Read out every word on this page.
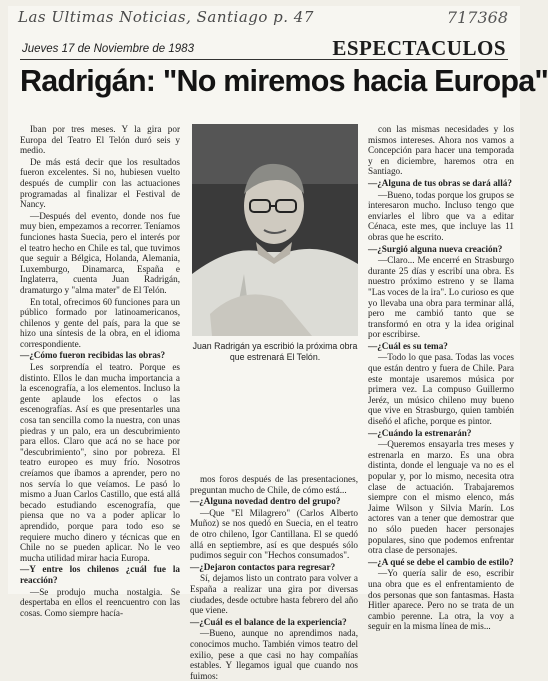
Las Ultimas Noticias, Santiago p. 47	717368
Jueves 17 de Noviembre de 1983	ESPECTACULOS
Radrigán: "No miremos hacia Europa"

Iban por tres meses. Y la gira por Europa del Teatro El Telón duró seis y medio.

De más está decir que los resultados fueron excelentes. Si no, hubiesen vuelto después de cumplir con las actuaciones programadas al finalizar el Festival de Nancy.

—Después del evento, donde nos fue muy bien, empezamos a recorrer. Teníamos funciones hasta Suecia, pero el interés por el teatro hecho en Chile es tal, que tuvimos que seguir a Bélgica, Holanda, Alemania, Luxemburgo, Dinamarca, España e Inglaterra, cuenta Juan Radrigán, dramaturgo y "alma mater" de El Telón.

En total, ofrecimos 60 funciones para un público formado por latinoamericanos, chilenos y gente del país, para la que se hizo una síntesis de la obra, en el idioma correspondiente.

—¿Cómo fueron recibidas las obras?

Les sorprendía el teatro. Porque es distinto. Ellos le dan mucha importancia a la escenografía, a los elementos. Incluso la gente aplaude los efectos o las escenografías. Así es que presentarles una cosa tan sencilla como la nuestra, con unas piedras y un palo, era un descubrimiento para ellos. Claro que acá no se hace por "descubrimiento", sino por pobreza. El teatro europeo es muy frío. Nosotros creíamos que íbamos a aprender, pero no nos servía lo que veíamos. Le pasó lo mismo a Juan Carlos Castillo, que está allá becado estudiando escenografía, que piensa que no va a poder aplicar lo aprendido, porque para todo eso se requiere mucho dinero y técnicas que en Chile no se pueden aplicar. No le veo mucha utilidad mirar hacia Europa.

—Y entre los chilenos ¿cuál fue la reacción?

—Se produjo mucha nostalgia. Se despertaba en ellos el reencuentro con las cosas. Como siempre hacía-

Juan Radrigán ya escribió la próxima obra que estrenará El Telón.

mos foros después de las presentaciones, preguntan mucho de Chile, de cómo está...

—¿Alguna novedad dentro del grupo?

—Que "El Milagrero" (Carlos Alberto Muñoz) se nos quedó en Suecia, en el teatro de otro chileno, Igor Cantillana. El se quedó allá en septiembre, así es que después sólo pudimos seguir con "Hechos consumados".

—¿Dejaron contactos para regresar?

Sí, dejamos listo un contrato para volver a España a realizar una gira por diversas ciudades, desde octubre hasta febrero del año que viene.

—¿Cuál es el balance de la experiencia?

—Bueno, aunque no aprendimos nada, conocimos mucho. También vimos teatro del exilio, pese a que casi no hay compañías estables. Y llegamos igual que cuando nos fuimos:

con las mismas necesidades y los mismos intereses. Ahora nos vamos a Concepción para hacer una temporada y en diciembre, haremos otra en Santiago.

—¿Alguna de tus obras se dará allá?

—Bueno, todas porque los grupos se interesaron mucho. Incluso tengo que enviarles el libro que va a editar Cénaca, este mes, que incluye las 11 obras que he escrito.

—¿Surgió alguna nueva creación?

—Claro... Me encerré en Strasburgo durante 25 días y escribí una obra. Es nuestro próximo estreno y se llama "Las voces de la ira". Lo curioso es que yo llevaba una obra para terminar allá, pero me cambió tanto que se transformó en otra y la idea original por escribirse.

—¿Cuál es su tema?

—Todo lo que pasa. Todas las voces que están dentro y fuera de Chile. Para este montaje usaremos música por primera vez. La compuso Guillermo Jeréz, un músico chileno muy bueno que vive en Strasburgo, quien también diseñó el afiche, porque es pintor.

—¿Cuándo la estrenarán?

—Queremos ensayarla tres meses y estrenarla en marzo. Es una obra distinta, donde el lenguaje va no es el popular y, por lo mismo, necesita otra clase de actuación. Trabajaremos siempre con el mismo elenco, más Jaime Wilson y Silvia Marín. Los actores van a tener que demostrar que no sólo pueden hacer personajes populares, sino que podemos enfrentar otra clase de personajes.

—¿A qué se debe el cambio de estilo?

—Yo quería salir de eso, escribir una obra que es el enfrentamiento de dos personas que son fantasmas. Hasta Hitler aparece. Pero no se trata de un cambio perenne. La otra, la voy a seguir en la misma línea de mis...
